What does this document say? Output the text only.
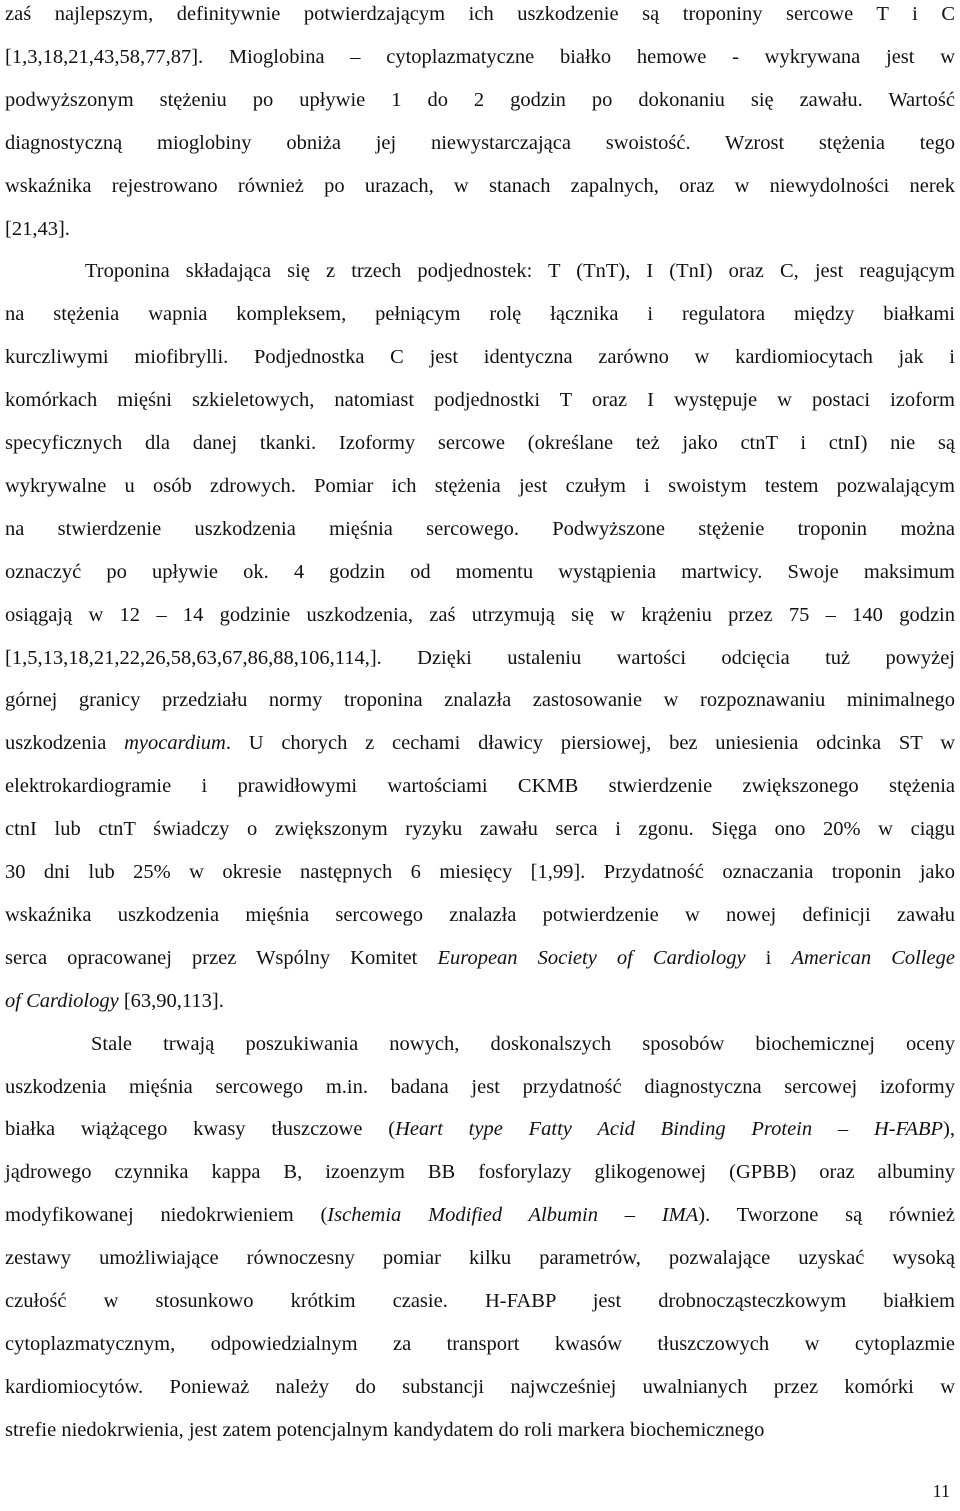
zaś najlepszym, definitywnie potwierdzającym ich uszkodzenie są troponiny sercowe T i C
[1,3,18,21,43,58,77,87]. Mioglobina – cytoplazmatyczne białko hemowe - wykrywana jest w
podwyższonym stężeniu po upływie 1 do 2 godzin po dokonaniu się zawału. Wartość
diagnostyczną mioglobiny obniża jej niewystarczająca swoistość. Wzrost stężenia tego
wskaźnika rejestrowano również po urazach, w stanach zapalnych, oraz w niewydolności nerek
[21,43].
Troponina składająca się z trzech podjednostek: T (TnT), I (TnI) oraz C, jest reagującym
na stężenia wapnia kompleksem, pełniącym rolę łącznika i regulatora między białkami
kurczliwymi miofibrylli. Podjednostka C jest identyczna zarówno w kardiomiocytach jak i
komórkach mięśni szkieletowych, natomiast podjednostki T oraz I występuje w postaci izoform
specyficznych dla danej tkanki. Izoformy sercowe (określane też jako ctnT i ctnI) nie są
wykrywalne u osób zdrowych. Pomiar ich stężenia jest czułym i swoistym testem pozwalającym
na stwierdzenie uszkodzenia mięśnia sercowego. Podwyższone stężenie troponin można
oznaczyć po upływie ok. 4 godzin od momentu wystąpienia martwicy. Swoje maksimum
osiągają w 12 – 14 godzinie uszkodzenia, zaś utrzymują się w krążeniu przez 75 – 140 godzin
[1,5,13,18,21,22,26,58,63,67,86,88,106,114,]. Dzięki ustaleniu wartości odcięcia tuż powyżej
górnej granicy przedziału normy troponina znalazła zastosowanie w rozpoznawaniu minimalnego
uszkodzenia myocardium. U chorych z cechami dławicy piersiowej, bez uniesienia odcinka ST w
elektrokardiogramie i prawidłowymi wartościami CKMB stwierdzenie zwiększonego stężenia
ctnI lub ctnT świadczy o zwiększonym ryzyku zawału serca i zgonu. Sięga ono 20% w ciągu
30 dni lub 25% w okresie następnych 6 miesięcy [1,99]. Przydatność oznaczania troponin jako
wskaźnika uszkodzenia mięśnia sercowego znalazła potwierdzenie w nowej definicji zawału
serca opracowanej przez Wspólny Komitet European Society of Cardiology i American College
of Cardiology [63,90,113].
Stale trwają poszukiwania nowych, doskonalszych sposobów biochemicznej oceny
uszkodzenia mięśnia sercowego m.in. badana jest przydatność diagnostyczna sercowej izoformy
białka wiążącego kwasy tłuszczowe (Heart type Fatty Acid Binding Protein – H-FABP),
jądrowego czynnika kappa B, izoenzym BB fosforylazy glikogenowej (GPBB) oraz albuminy
modyfikowanej niedokrwieniem (Ischemia Modified Albumin – IMA). Tworzone są również
zestawy umożliwiające równoczesny pomiar kilku parametrów, pozwalające uzyskać wysoką
czułość w stosunkowo krótkim czasie. H-FABP jest drobnocząsteczkowym białkiem
cytoplazmatycznym, odpowiedzialnym za transport kwasów tłuszczowych w cytoplazmie
kardiomiocytów. Ponieważ należy do substancji najwcześniej uwalnianych przez komórki w
strefie niedokrwienia, jest zatem potencjalnym kandydatem do roli markera biochemicznego
11
